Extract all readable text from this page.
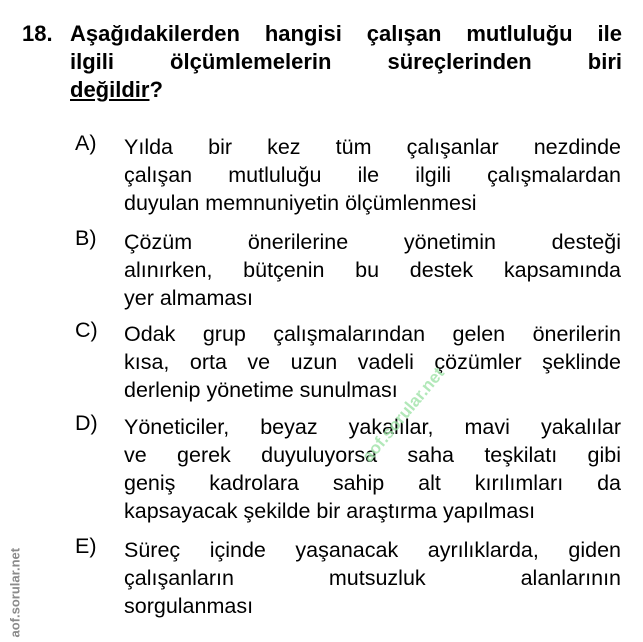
18. Aşağıdakilerden hangisi çalışan mutluluğu ile
ilgili ölçümlemelerin süreçlerinden biri
değildir?
A) Yılda bir kez tüm çalışanlar nezdinde
çalışan mutluluğu ile ilgili çalışmalardan
duyulan memnuniyetin ölçümlenmesi
B) Çözüm önerilerine yönetimin desteği
alınırken, bütçenin bu destek kapsamında
yer almaması
C) Odak grup çalışmalarından gelen önerilerin
kısa, orta ve uzun vadeli çözümler şeklinde
derlenip yönetime sunulması
D) Yöneticiler, beyaz yakalılar, mavi yakalılar
ve gerek duyuluyorsa saha teşkilatı gibi
geniş kadrolara sahip alt kırılımları da
kapsayacak şekilde bir araştırma yapılması
E) Süreç içinde yaşanacak ayrılıklarda, giden
çalışanların mutsuzluk alanlarının
sorgulanması
aof.sorular.net
aof.sorular.net
